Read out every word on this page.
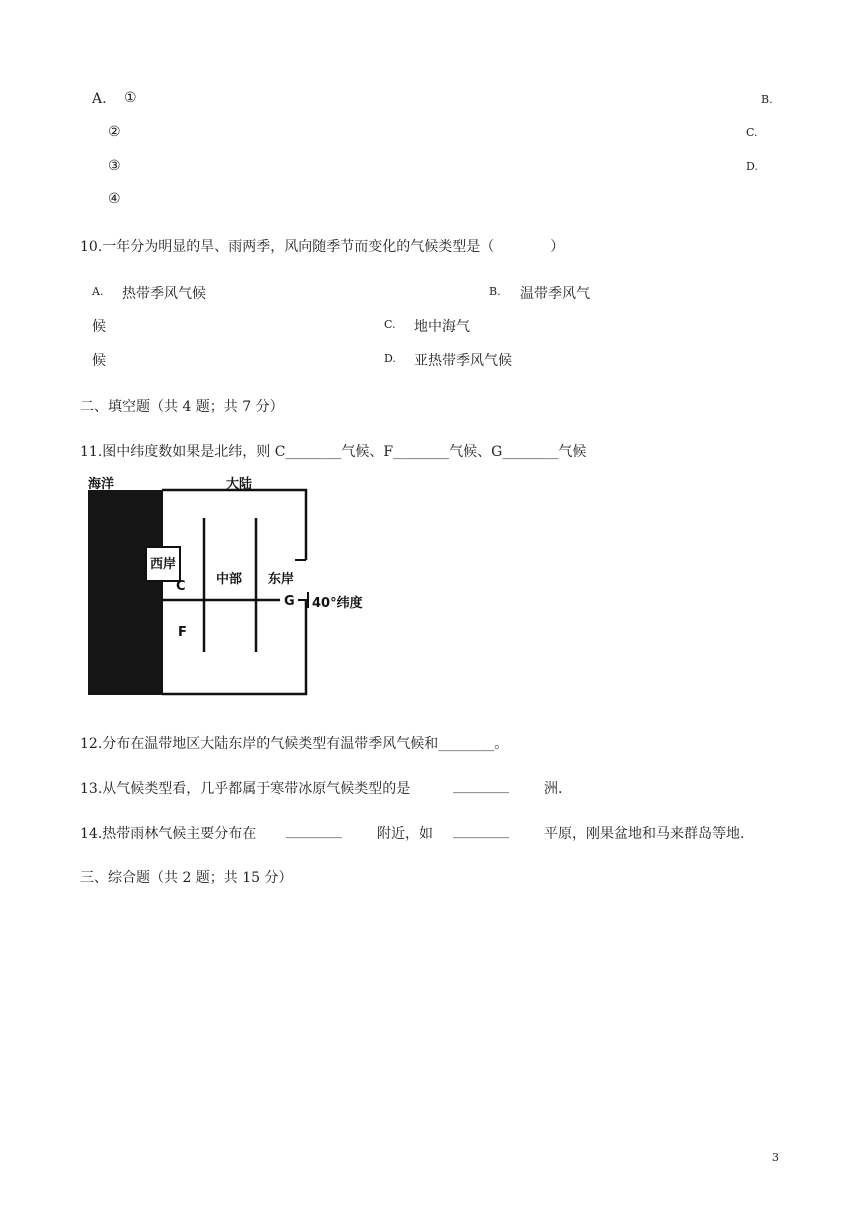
A. ①	B.
②	C.
③	D.
④
10.一年分为明显的旱、雨两季，风向随季节而变化的气候类型是（　　　　）
A. 热带季风气候	B. 温带季风气
候	C. 地中海气
候	D. 亚热带季风气候
二、填空题（共 4 题；共 7 分）
11.图中纬度数如果是北纬，则 C________气候、F________气候、G________气候
海洋	大陆
西岸
中部 东岸
C
F
G 40°纬度
12.分布在温带地区大陆东岸的气候类型有温带季风气候和________。
13.从气候类型看，几乎都属于寒带冰原气候类型的是	________	洲.
14.热带雨林气候主要分布在 ________	附近，如 ________	平原，刚果盆地和马来群岛等地.
三、综合题（共 2 题；共 15 分）
3
